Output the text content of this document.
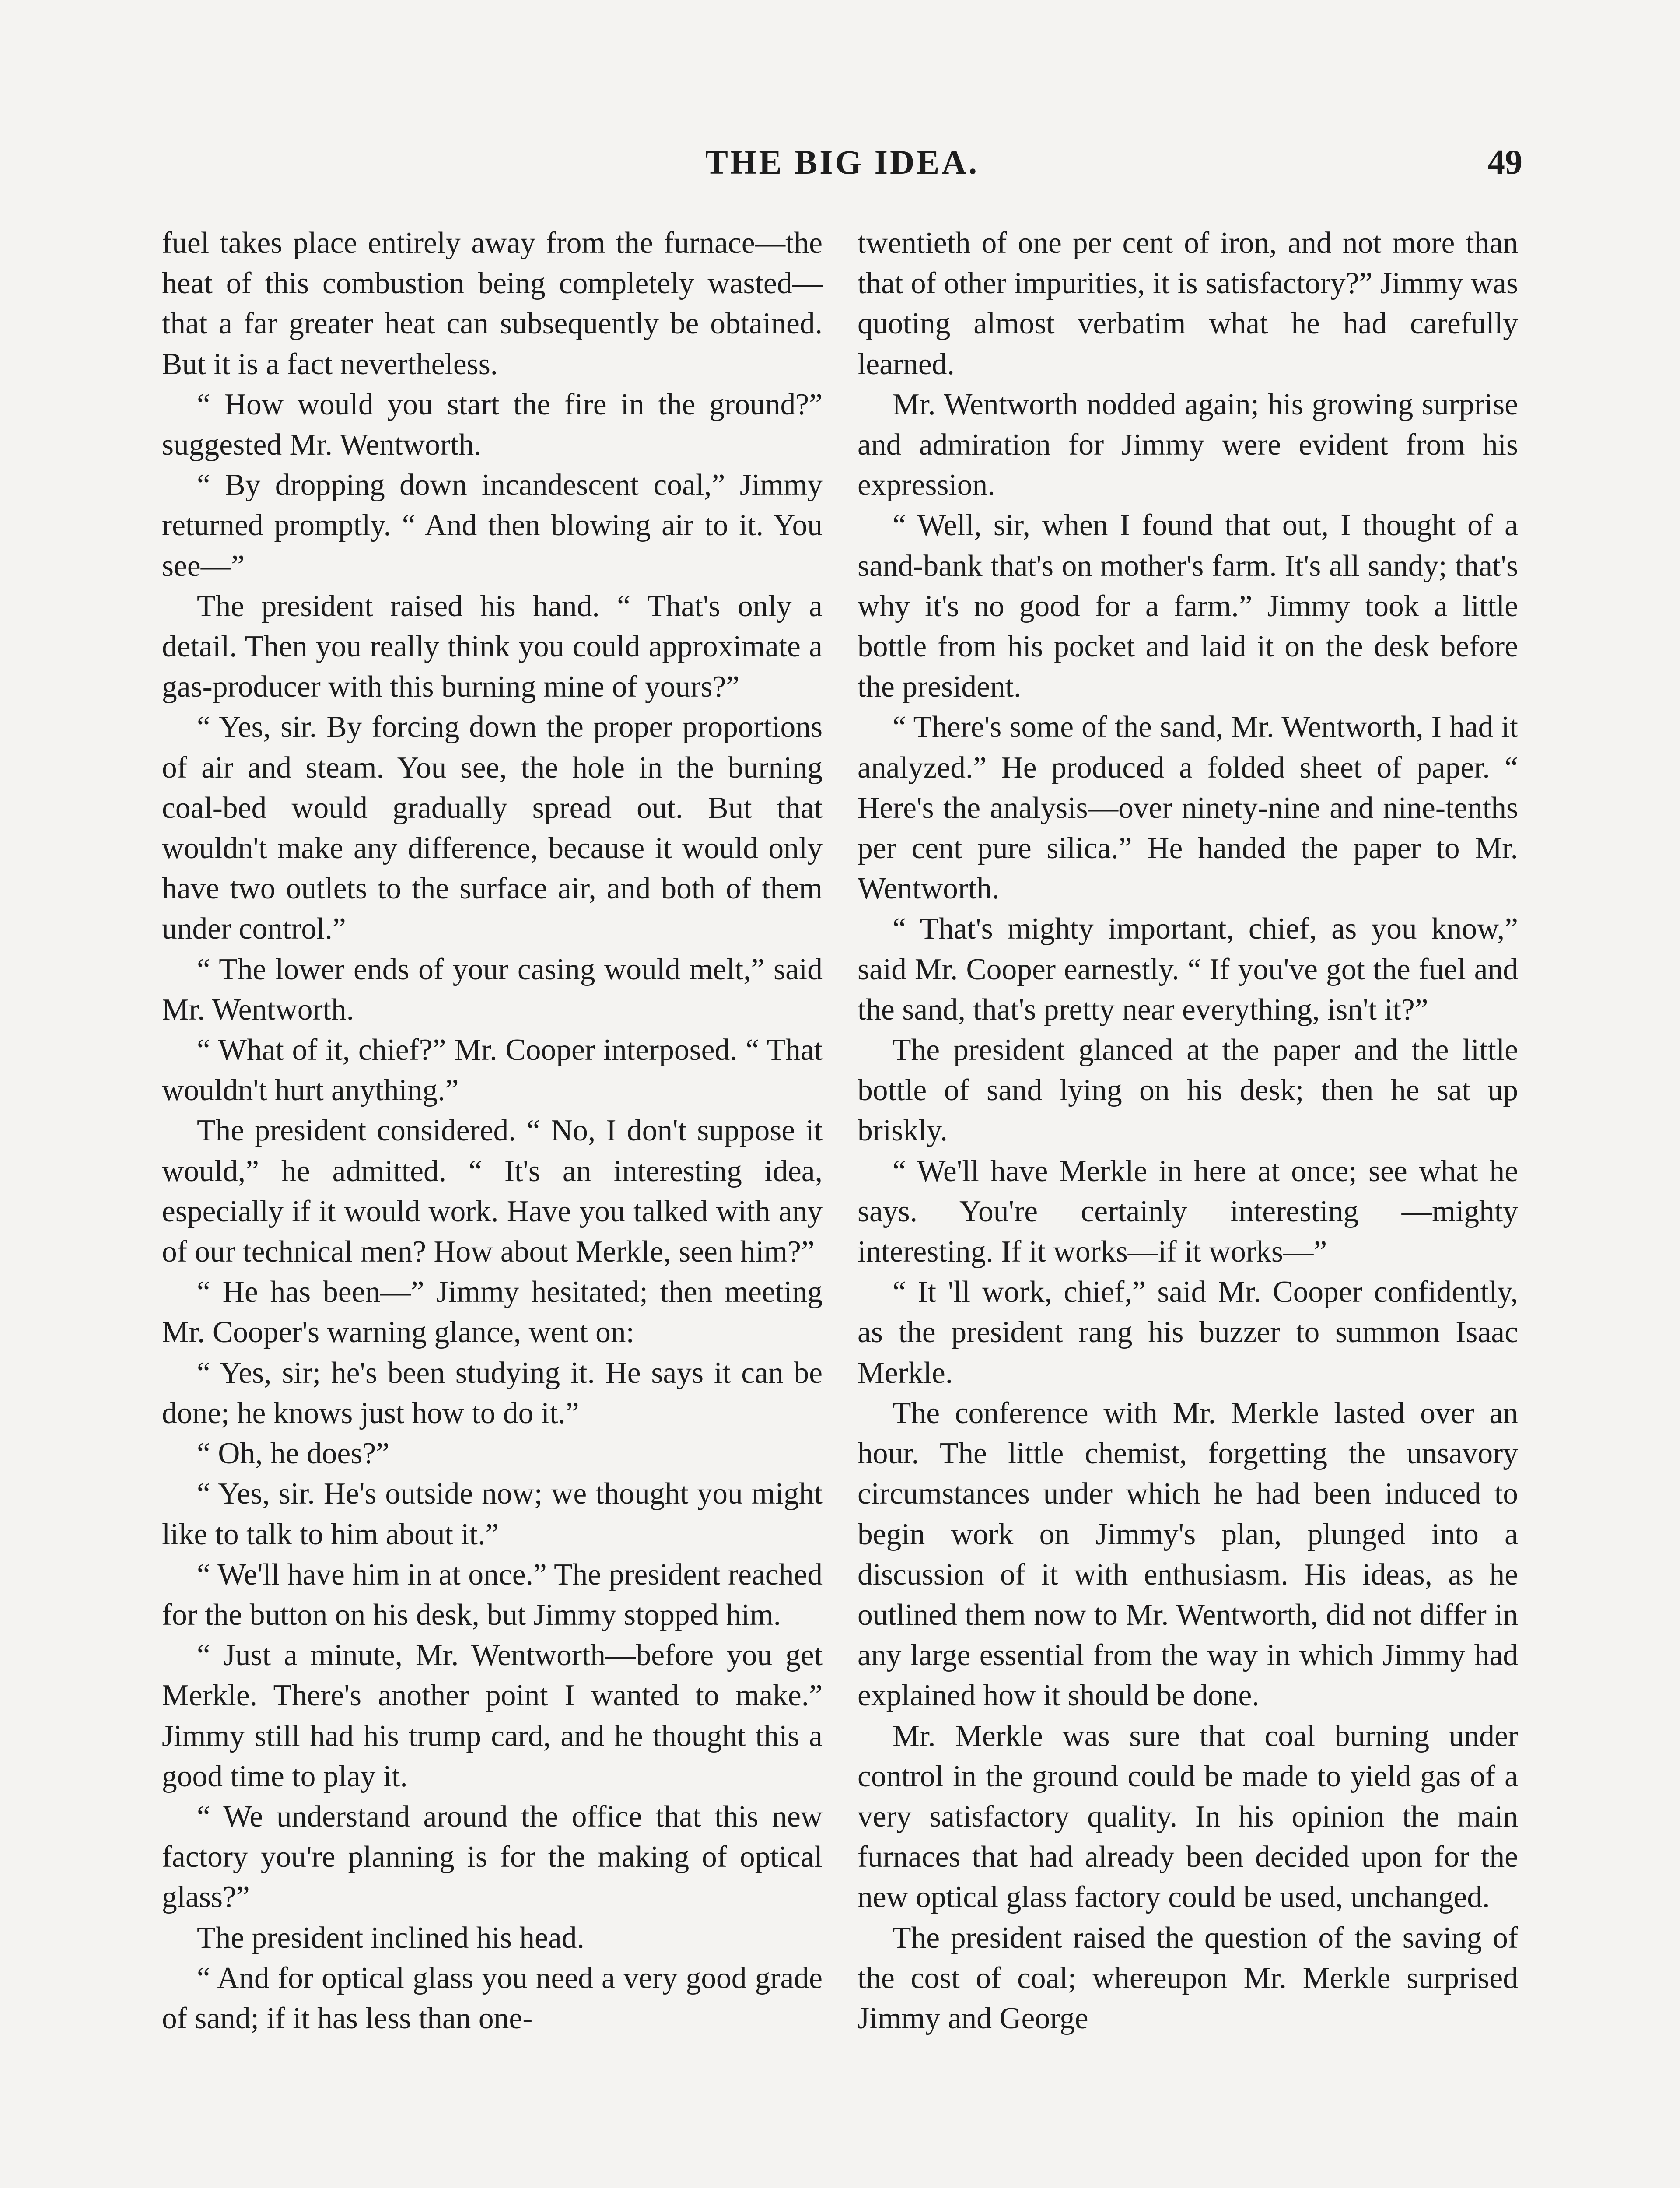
THE BIG IDEA.	49

fuel takes place entirely away from the furnace—the heat of this combustion being completely wasted—that a far greater heat can subsequently be obtained. But it is a fact nevertheless.

“ How would you start the fire in the ground?” suggested Mr. Wentworth.

“ By dropping down incandescent coal,” Jimmy returned promptly. “ And then blowing air to it. You see—”

The president raised his hand. “ That's only a detail. Then you really think you could approximate a gas-producer with this burning mine of yours?”

“ Yes, sir. By forcing down the proper proportions of air and steam. You see, the hole in the burning coal-bed would gradually spread out. But that wouldn't make any difference, because it would only have two outlets to the surface air, and both of them under control.”

“ The lower ends of your casing would melt,” said Mr. Wentworth.

“ What of it, chief?” Mr. Cooper interposed. “ That wouldn't hurt anything.”

The president considered. “ No, I don't suppose it would,” he admitted. “ It's an interesting idea, especially if it would work. Have you talked with any of our technical men? How about Merkle, seen him?”

“ He has been—” Jimmy hesitated; then meeting Mr. Cooper's warning glance, went on:

“ Yes, sir; he's been studying it. He says it can be done; he knows just how to do it.”

“ Oh, he does?”

“ Yes, sir. He's outside now; we thought you might like to talk to him about it.”

“ We'll have him in at once.” The president reached for the button on his desk, but Jimmy stopped him.

“ Just a minute, Mr. Wentworth—before you get Merkle. There's another point I wanted to make.” Jimmy still had his trump card, and he thought this a good time to play it.

“ We understand around the office that this new factory you're planning is for the making of optical glass?”

The president inclined his head.

“ And for optical glass you need a very good grade of sand; if it has less than one-

twentieth of one per cent of iron, and not more than that of other impurities, it is satisfactory?” Jimmy was quoting almost verbatim what he had carefully learned.

Mr. Wentworth nodded again; his growing surprise and admiration for Jimmy were evident from his expression.

“ Well, sir, when I found that out, I thought of a sand-bank that's on mother's farm. It's all sandy; that's why it's no good for a farm.” Jimmy took a little bottle from his pocket and laid it on the desk before the president.

“ There's some of the sand, Mr. Wentworth, I had it analyzed.” He produced a folded sheet of paper. “ Here's the analysis—over ninety-nine and nine-tenths per cent pure silica.” He handed the paper to Mr. Wentworth.

“ That's mighty important, chief, as you know,” said Mr. Cooper earnestly. “ If you've got the fuel and the sand, that's pretty near everything, isn't it?”

The president glanced at the paper and the little bottle of sand lying on his desk; then he sat up briskly.

“ We'll have Merkle in here at once; see what he says. You're certainly interesting —mighty interesting. If it works—if it works—”

“ It 'll work, chief,” said Mr. Cooper confidently, as the president rang his buzzer to summon Isaac Merkle.

The conference with Mr. Merkle lasted over an hour. The little chemist, forgetting the unsavory circumstances under which he had been induced to begin work on Jimmy's plan, plunged into a discussion of it with enthusiasm. His ideas, as he outlined them now to Mr. Wentworth, did not differ in any large essential from the way in which Jimmy had explained how it should be done.

Mr. Merkle was sure that coal burning under control in the ground could be made to yield gas of a very satisfactory quality. In his opinion the main furnaces that had already been decided upon for the new optical glass factory could be used, unchanged.

The president raised the question of the saving of the cost of coal; whereupon Mr. Merkle surprised Jimmy and George
